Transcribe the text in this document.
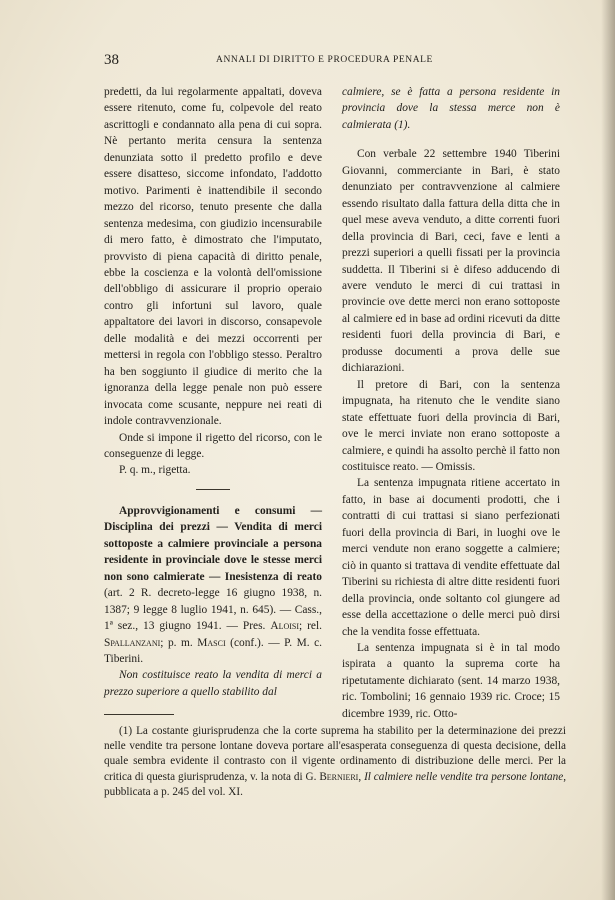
38	ANNALI DI DIRITTO E PROCEDURA PENALE

predetti, da lui regolarmente appaltati, doveva essere ritenuto, come fu, colpevole del reato ascrittogli e condannato alla pena di cui sopra. Nè pertanto merita censura la sentenza denunziata sotto il predetto profilo e deve essere disatteso, siccome infondato, l'addotto motivo. Parimenti è inattendibile il secondo mezzo del ricorso, tenuto presente che dalla sentenza medesima, con giudizio incensurabile di mero fatto, è dimostrato che l'imputato, provvisto di piena capacità di diritto penale, ebbe la coscienza e la volontà dell'omissione dell'obbligo di assicurare il proprio operaio contro gli infortuni sul lavoro, quale appaltatore dei lavori in discorso, consapevole delle modalità e dei mezzi occorrenti per mettersi in regola con l'obbligo stesso. Peraltro ha ben soggiunto il giudice di merito che la ignoranza della legge penale non può essere invocata come scusante, neppure nei reati di indole contravvenzionale.

Onde si impone il rigetto del ricorso, con le conseguenze di legge.

P. q. m., rigetta.

Approvvigionamenti e consumi — Disciplina dei prezzi — Vendita di merci sottoposte a calmiere provinciale a persona residente in provinciale dove le stesse merci non sono calmierate — Inesistenza di reato (art. 2 R. decreto-legge 16 giugno 1938, n. 1387; 9 legge 8 luglio 1941, n. 645). — Cass., 1ª sez., 13 giugno 1941. — Pres. Aloisi; rel. Spallanzani; p. m. Masci (conf.). — P. M. c. Tiberini.

Non costituisce reato la vendita di merci a prezzo superiore a quello stabilito dal

calmiere, se è fatta a persona residente in provincia dove la stessa merce non è calmierata (1).

Con verbale 22 settembre 1940 Tiberini Giovanni, commerciante in Bari, è stato denunziato per contravvenzione al calmiere essendo risultato dalla fattura della ditta che in quel mese aveva venduto, a ditte correnti fuori della provincia di Bari, ceci, fave e lenti a prezzi superiori a quelli fissati per la provincia suddetta. Il Tiberini si è difeso adducendo di avere venduto le merci di cui trattasi in provincie ove dette merci non erano sottoposte al calmiere ed in base ad ordini ricevuti da ditte residenti fuori della provincia di Bari, e produsse documenti a prova delle sue dichiarazioni.

Il pretore di Bari, con la sentenza impugnata, ha ritenuto che le vendite siano state effettuate fuori della provincia di Bari, ove le merci inviate non erano sottoposte a calmiere, e quindi ha assolto perchè il fatto non costituisce reato. — Omissis.

La sentenza impugnata ritiene accertato in fatto, in base ai documenti prodotti, che i contratti di cui trattasi si siano perfezionati fuori della provincia di Bari, in luoghi ove le merci vendute non erano soggette a calmiere; ciò in quanto si trattava di vendite effettuate dal Tiberini su richiesta di altre ditte residenti fuori della provincia, onde soltanto col giungere ad esse della accettazione o delle merci può dirsi che la vendita fosse effettuata.

La sentenza impugnata si è in tal modo ispirata a quanto la suprema corte ha ripetutamente dichiarato (sent. 14 marzo 1938, ric. Tombolini; 16 gennaio 1939 ric. Croce; 15 dicembre 1939, ric. Otto-

(1) La costante giurisprudenza che la corte suprema ha stabilito per la determinazione dei prezzi nelle vendite tra persone lontane doveva portare all'esasperata conseguenza di questa decisione, della quale sembra evidente il contrasto con il vigente ordinamento di distribuzione delle merci. Per la critica di questa giurisprudenza, v. la nota di G. Bernieri, Il calmiere nelle vendite tra persone lontane, pubblicata a p. 245 del vol. XI.
